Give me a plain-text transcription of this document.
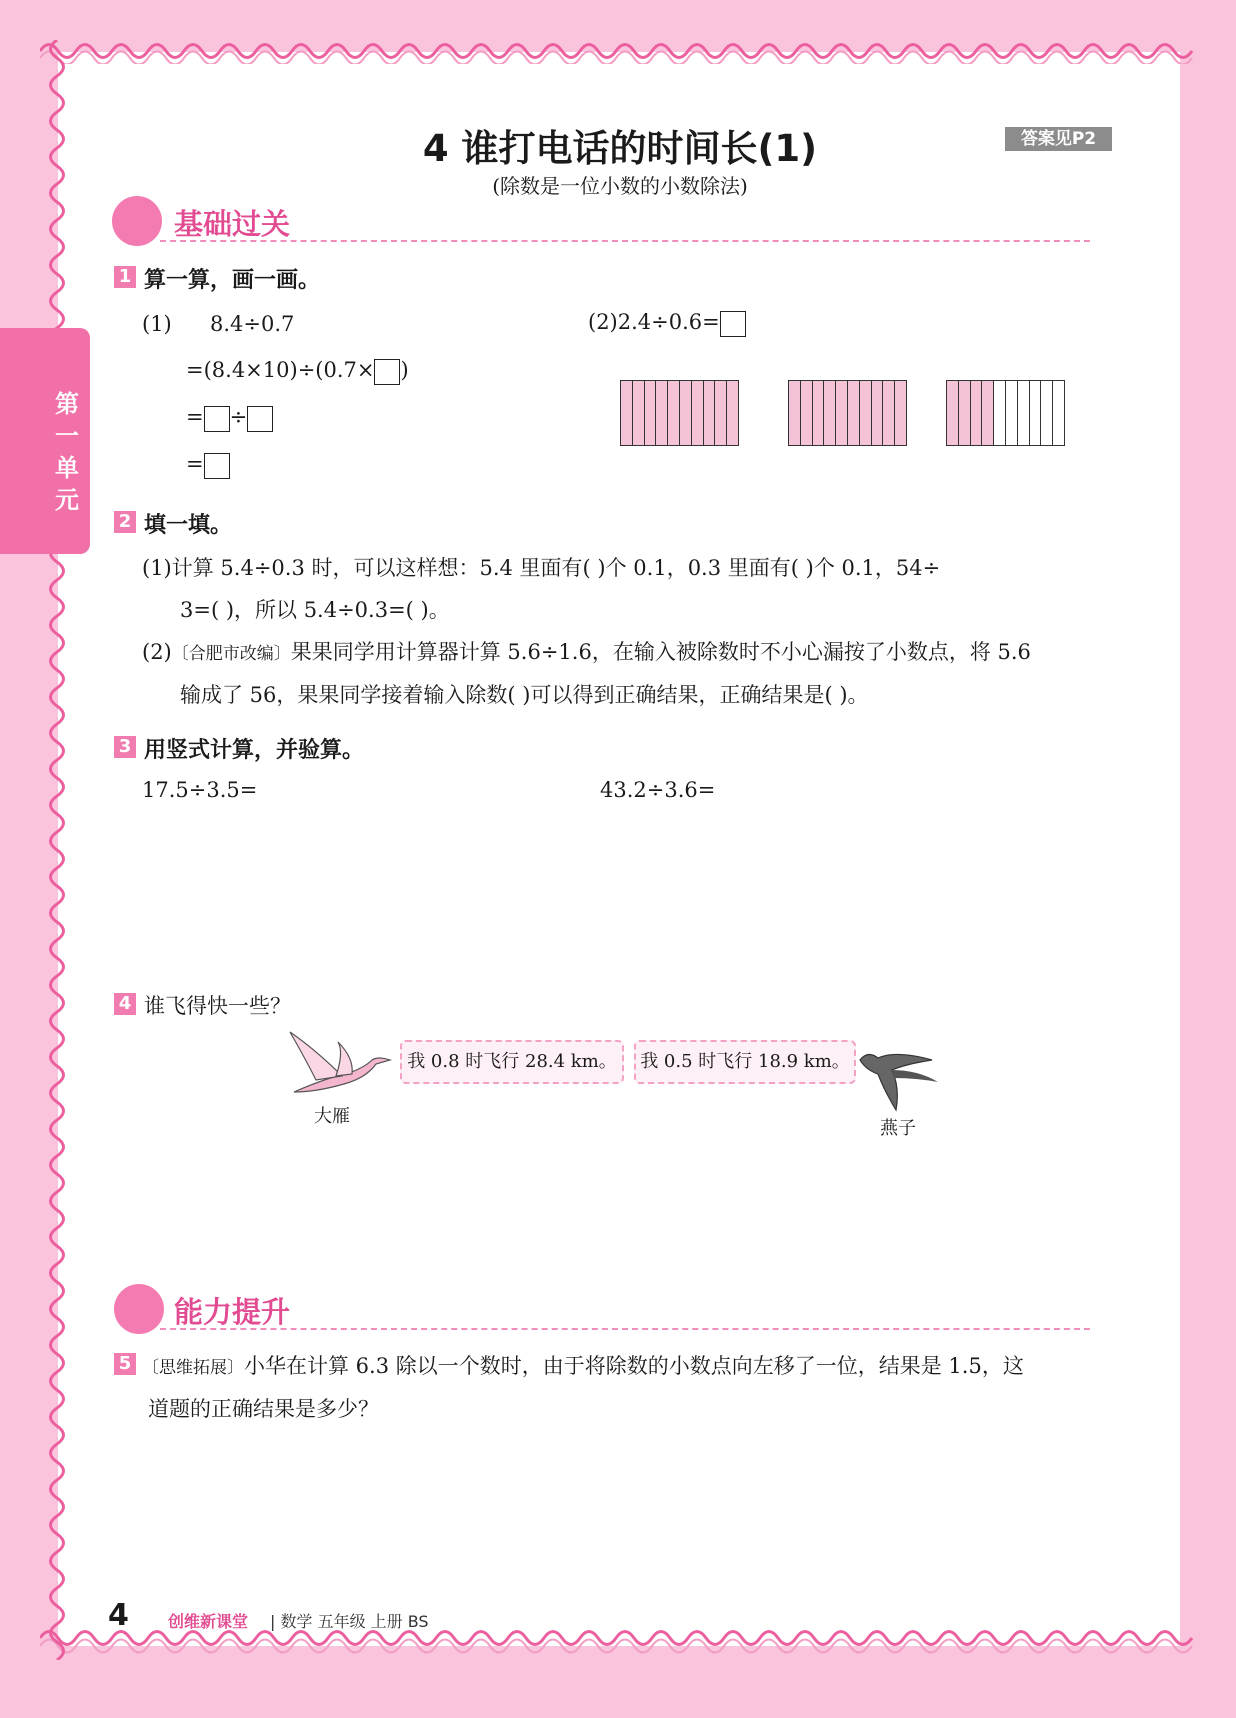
第一单元
4 谁打电话的时间长(1)
(除数是一位小数的小数除法)
答案见P2
基础过关
1 算一算，画一画。
(1) 8.4÷0.7
=(8.4×10)÷(0.7× )
= ÷
=
(2)2.4÷0.6=
2 填一填。
(1)计算 5.4÷0.3 时，可以这样想：5.4 里面有( )个 0.1，0.3 里面有( )个 0.1，54÷
3=( )，所以 5.4÷0.3=( )。
(2)〔合肥市改编〕果果同学用计算器计算 5.6÷1.6，在输入被除数时不小心漏按了小数点，将 5.6
输成了 56，果果同学接着输入除数( )可以得到正确结果，正确结果是( )。
3 用竖式计算，并验算。
17.5÷3.5=	43.2÷3.6=
4 谁飞得快一些？
大雁
我 0.8 时飞行 28.4 km。	我 0.5 时飞行 18.9 km。
燕子
能力提升
5 〔思维拓展〕小华在计算 6.3 除以一个数时，由于将除数的小数点向左移了一位，结果是 1.5，这
道题的正确结果是多少？
4 创维新课堂 | 数学 五年级 上册 BS
